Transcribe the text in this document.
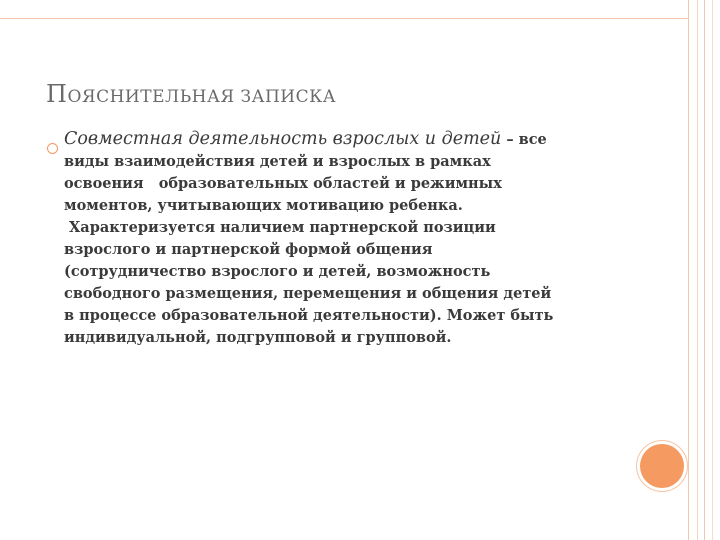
ПОЯСНИТЕЛЬНАЯ ЗАПИСКА
Совместная деятельность взрослых и детей – все
виды взаимодействия детей и взрослых в рамках
освоения   образовательных областей и режимных
моментов, учитывающих мотивацию ребенка.
Характеризуется наличием партнерской позиции
взрослого и партнерской формой общения
(сотрудничество взрослого и детей, возможность
свободного размещения, перемещения и общения детей
в процессе образовательной деятельности). Может быть
индивидуальной, подгрупповой и групповой.
